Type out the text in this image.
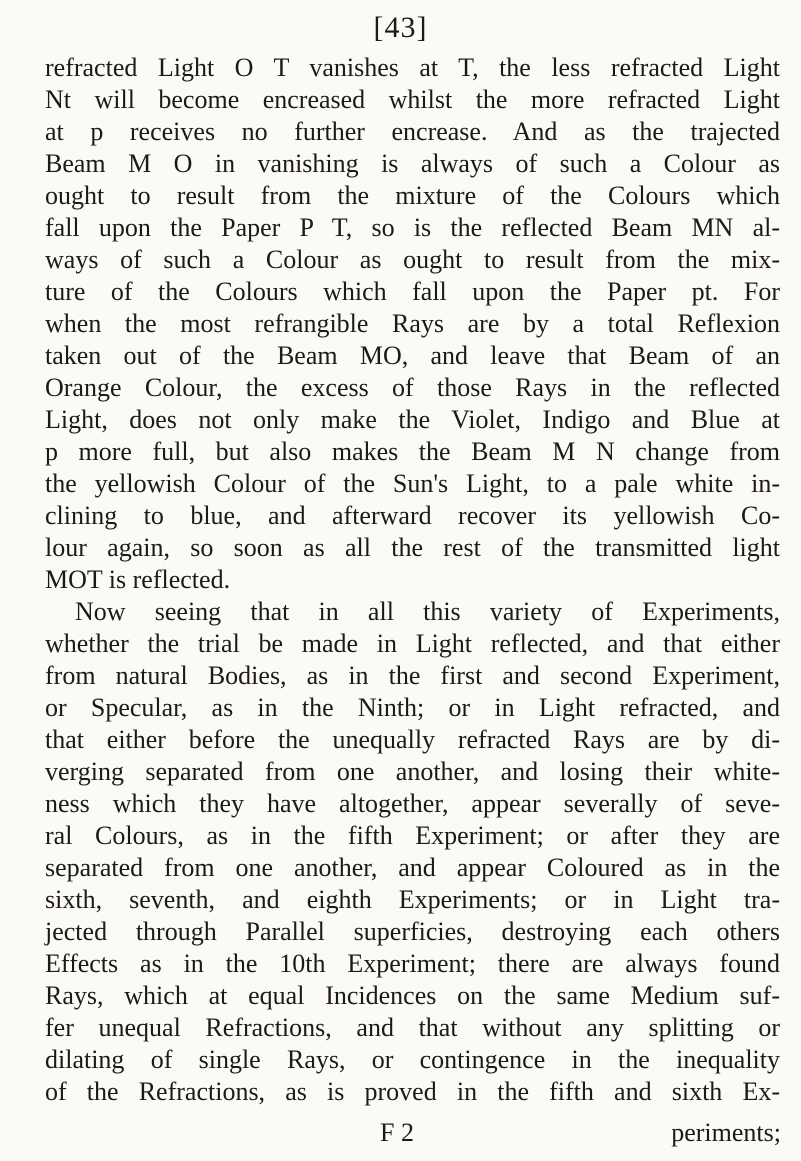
[43]
refracted Light O T vanishes at T, the less refracted Light
Nt will become encreased whilst the more refracted Light
at p receives no further encrease. And as the trajected
Beam M O in vanishing is always of such a Colour as
ought to result from the mixture of the Colours which
fall upon the Paper P T, so is the reflected Beam MN al-
ways of such a Colour as ought to result from the mix-
ture of the Colours which fall upon the Paper pt. For
when the most refrangible Rays are by a total Reflexion
taken out of the Beam MO, and leave that Beam of an
Orange Colour, the excess of those Rays in the reflected
Light, does not only make the Violet, Indigo and Blue at
p more full, but also makes the Beam M N change from
the yellowish Colour of the Sun's Light, to a pale white in-
clining to blue, and afterward recover its yellowish Co-
lour again, so soon as all the rest of the transmitted light
MOT is reflected.
Now seeing that in all this variety of Experiments,
whether the trial be made in Light reflected, and that either
from natural Bodies, as in the first and second Experiment,
or Specular, as in the Ninth; or in Light refracted, and
that either before the unequally refracted Rays are by di-
verging separated from one another, and losing their white-
ness which they have altogether, appear severally of seve-
ral Colours, as in the fifth Experiment; or after they are
separated from one another, and appear Coloured as in the
sixth, seventh, and eighth Experiments; or in Light tra-
jected through Parallel superficies, destroying each others
Effects as in the 10th Experiment; there are always found
Rays, which at equal Incidences on the same Medium suf-
fer unequal Refractions, and that without any splitting or
dilating of single Rays, or contingence in the inequality
of the Refractions, as is proved in the fifth and sixth Ex-
F 2	periments;
